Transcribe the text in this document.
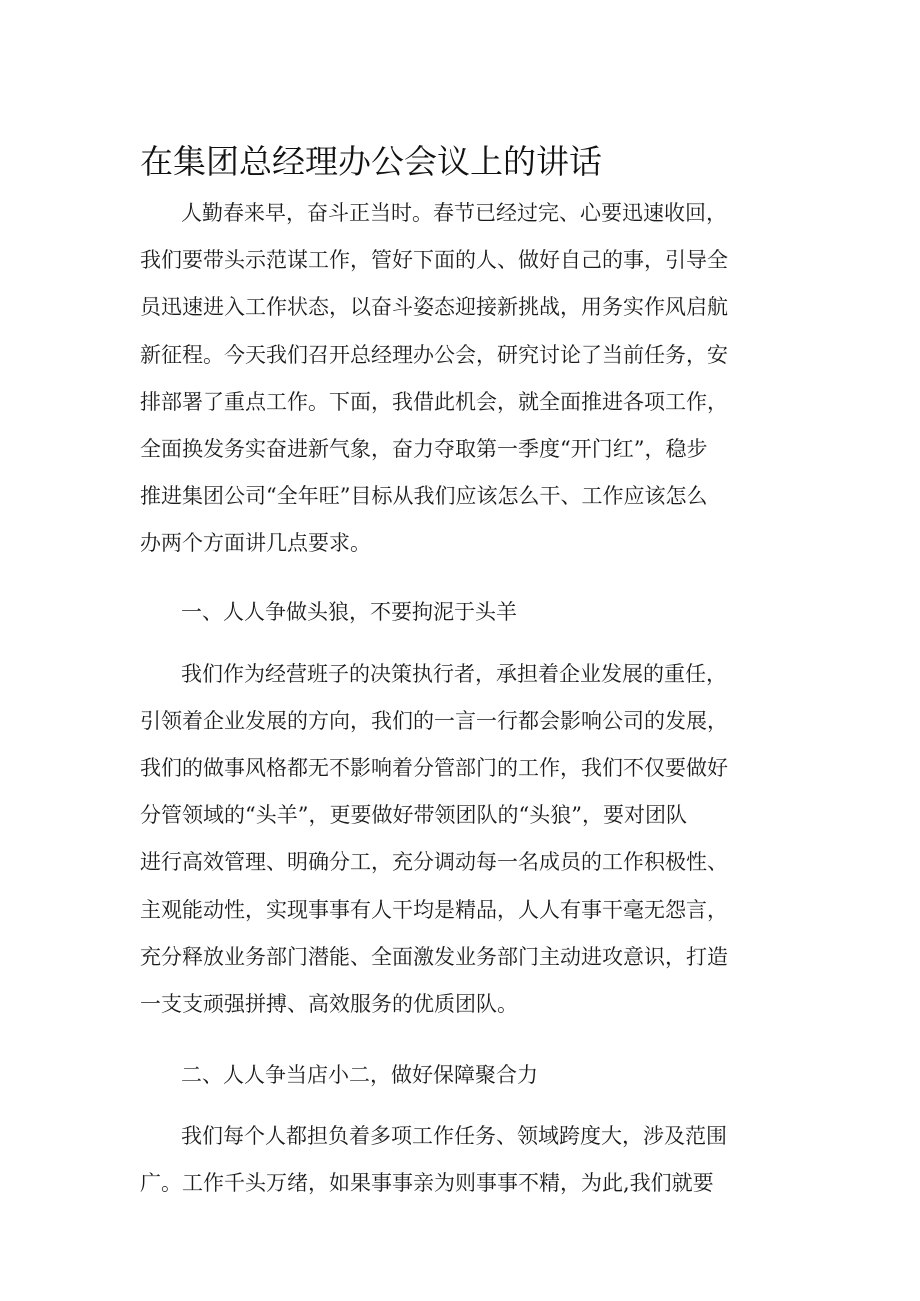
在集团总经理办公会议上的讲话
人勤春来早，奋斗正当时。春节已经过完、心要迅速收回，
我们要带头示范谋工作，管好下面的人、做好自己的事，引导全
员迅速进入工作状态，以奋斗姿态迎接新挑战，用务实作风启航
新征程。今天我们召开总经理办公会，研究讨论了当前任务，安
排部署了重点工作。下面，我借此机会，就全面推进各项工作，
全面换发务实奋进新气象，奋力夺取第一季度“开门红”，稳步
推进集团公司“全年旺”目标从我们应该怎么干、工作应该怎么
办两个方面讲几点要求。
一、人人争做头狼，不要拘泥于头羊
我们作为经营班子的决策执行者，承担着企业发展的重任，
引领着企业发展的方向，我们的一言一行都会影响公司的发展，
我们的做事风格都无不影响着分管部门的工作，我们不仅要做好
分管领域的“头羊”，更要做好带领团队的“头狼”，要对团队
进行高效管理、明确分工，充分调动每一名成员的工作积极性、
主观能动性，实现事事有人干均是精品，人人有事干毫无怨言，
充分释放业务部门潜能、全面激发业务部门主动进攻意识，打造
一支支顽强拼搏、高效服务的优质团队。
二、人人争当店小二，做好保障聚合力
我们每个人都担负着多项工作任务、领域跨度大，涉及范围
广。工作千头万绪，如果事事亲为则事事不精，为此,我们就要
